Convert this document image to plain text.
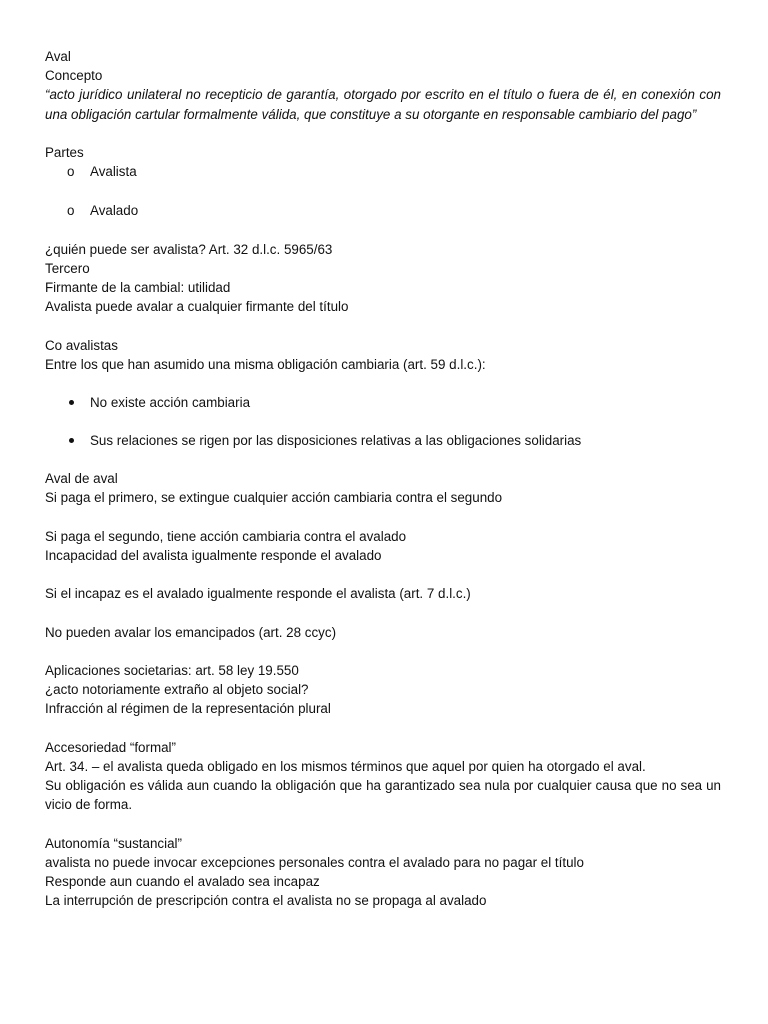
Aval
Concepto
“acto jurídico unilateral no recepticio de garantía, otorgado por escrito en el título o fuera de él, en conexión con una obligación cartular formalmente válida, que constituye a su otorgante en responsable cambiario del pago”
Partes
o	Avalista
o	Avalado
¿quién puede ser avalista? Art. 32 d.l.c. 5965/63
Tercero
Firmante de la cambial: utilidad
Avalista puede avalar a cualquier firmante del título
Co avalistas
Entre los que han asumido una misma obligación cambiaria (art. 59 d.l.c.):
No existe acción cambiaria
Sus relaciones se rigen por las disposiciones relativas a las obligaciones solidarias
Aval de aval
Si paga el primero, se extingue cualquier acción cambiaria contra el segundo
Si paga el segundo, tiene acción cambiaria contra el avalado
Incapacidad del avalista igualmente responde el avalado
Si el incapaz es el avalado igualmente responde el avalista (art. 7 d.l.c.)
No pueden avalar los emancipados (art. 28 ccyc)
Aplicaciones societarias: art. 58 ley 19.550
¿acto notoriamente extraño al objeto social?
Infracción al régimen de la representación plural
Accesoriedad “formal”
Art. 34. – el avalista queda obligado en los mismos términos que aquel por quien ha otorgado el aval.
Su obligación es válida aun cuando la obligación que ha garantizado sea nula por cualquier causa que no sea un vicio de forma.
Autonomía “sustancial”
avalista no puede invocar excepciones personales contra el avalado para no pagar el título
Responde aun cuando el avalado sea incapaz
La interrupción de prescripción contra el avalista no se propaga al avalado
